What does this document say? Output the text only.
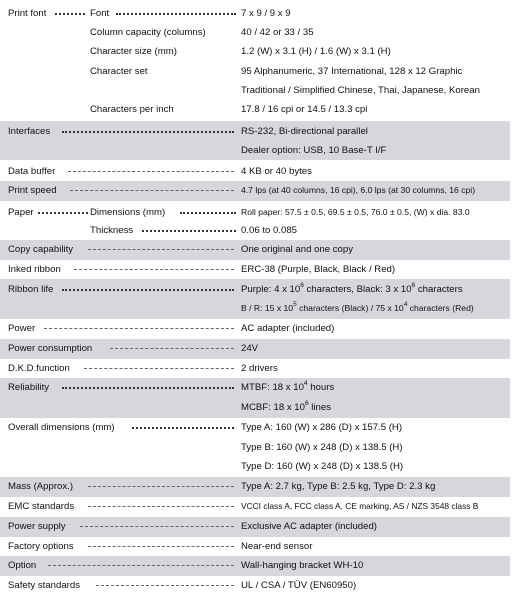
Print font	Font	7 x 9 / 9 x 9
Column capacity (columns)	40 / 42 or 33 / 35
Character size (mm)	1.2 (W) x 3.1 (H) / 1.6 (W) x 3.1 (H)
Character set	95 Alphanumeric, 37 International, 128 x 12 Graphic
Traditional / Simplified Chinese, Thai, Japanese, Korean
Characters per inch	17.8 / 16 cpi or 14.5 / 13.3 cpi
Interfaces	RS-232, Bi-directional parallel
Dealer option: USB, 10 Base-T I/F
Data buffer	4 KB or 40 bytes
Print speed	4.7 lps (at 40 columns, 16 cpi), 6.0 lps (at 30 columns, 16 cpi)
Paper	Dimensions (mm)	Roll paper: 57.5 ± 0.5, 69.5 ± 0.5, 76.0 ± 0.5, (W) x dia. 83.0
Thickness	0.06 to 0.085
Copy capability	One original and one copy
Inked ribbon	ERC-38 (Purple, Black, Black / Red)
Ribbon life	Purple: 4 x $10^6$ characters, Black: 3 x $10^6$ characters
B / R: 15 x $10^5$ characters (Black) / 75 x $10^4$ characters (Red)
Power	AC adapter (included)
Power consumption	24V
D.K.D.function	2 drivers
Reliability	MTBF: 18 x $10^4$ hours
MCBF: 18 x $10^6$ lines
Overall dimensions (mm)	Type A: 160 (W) x 286 (D) x 157.5 (H)
Type B: 160 (W) x 248 (D) x 138.5 (H)
Type D: 160 (W) x 248 (D) x 138.5 (H)
Mass (Approx.)	Type A: 2.7 kg, Type B: 2.5 kg, Type D: 2.3 kg
EMC standards	VCCI class A, FCC class A, CE marking, AS / NZS 3548 class B
Power supply	Exclusive AC adapter (included)
Factory options	Near-end sensor
Option	Wall-hanging bracket WH-10
Safety standards	UL / CSA / TÜV (EN60950)
